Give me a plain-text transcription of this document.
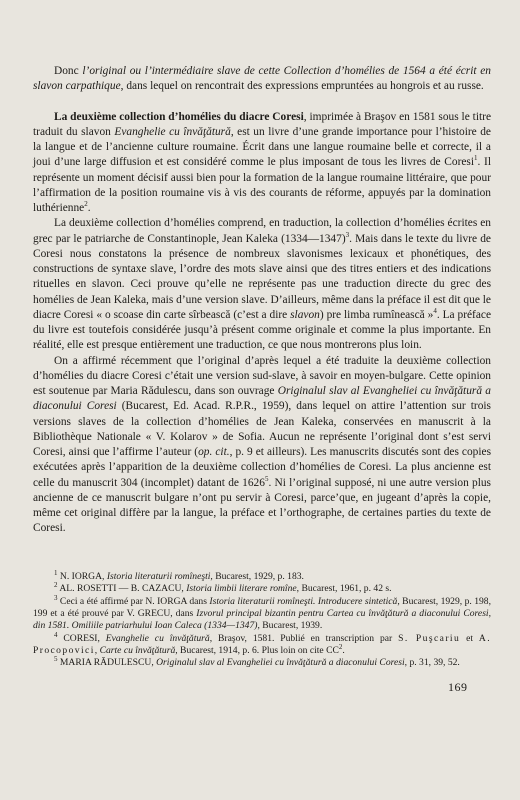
Donc l’original ou l’intermédiaire slave de cette Collection d’homélies de 1564 a été écrit en slavon carpathique, dans lequel on rencontrait des expressions empruntées au hongrois et au russe.

La deuxième collection d’homélies du diacre Coresi, imprimée à Braşov en 1581 sous le titre traduit du slavon Evanghelie cu învăţătură, est un livre d’une grande importance pour l’histoire de la langue et de l’ancienne culture roumaine. Écrit dans une langue roumaine belle et correcte, il a joui d’une large diffusion et est considéré comme le plus imposant de tous les livres de Coresi$^1$. Il représente un moment décisif aussi bien pour la formation de la langue roumaine littéraire, que pour l’affirmation de la position roumaine vis à vis des courants de réforme, appuyés par la domination luthérienne$^2$.

La deuxième collection d’homélies comprend, en traduction, la collection d’homélies écrites en grec par le patriarche de Constantinople, Jean Kaleka (1334—1347)$^3$. Mais dans le texte du livre de Coresi nous constatons la présence de nombreux slavonismes lexicaux et phonétiques, des constructions de syntaxe slave, l’ordre des mots slave ainsi que des titres entiers et des indications rituelles en slavon. Ceci prouve qu’elle ne représente pas une traduction directe du grec des homélies de Jean Kaleka, mais d’une version slave. D’ailleurs, même dans la préface il est dit que le diacre Coresi « o scoase din carte sîrbească (c’est a dire slavon) pre limba rumînească »$^4$. La préface du livre est toutefois considérée jusqu’à présent comme originale et comme la plus importante. En réalité, elle est presque entièrement une traduction, ce que nous montrerons plus loin.

On a affirmé récemment que l’original d’après lequel a été traduite la deuxième collection d’homélies du diacre Coresi c’était une version sud-slave, à savoir en moyen-bulgare. Cette opinion est soutenue par Maria Rădulescu, dans son ouvrage Originalul slav al Evangheliei cu învăţătură a diaconului Coresi (Bucarest, Ed. Acad. R.P.R., 1959), dans lequel on attire l’attention sur trois versions slaves de la collection d’homélies de Jean Kaleka, conservées en manuscrit à la Bibliothèque Nationale « V. Kolarov » de Sofia. Aucun ne représente l’original dont s’est servi Coresi, ainsi que l’affirme l’auteur (op. cit., p. 9 et ailleurs). Les manuscrits discutés sont des copies exécutées après l’apparition de la deuxième collection d’homélies de Coresi. La plus ancienne est celle du manuscrit 304 (incomplet) datant de 1626$^5$. Ni l’original supposé, ni une autre version plus ancienne de ce manuscrit bulgare n’ont pu servir à Coresi, parce’que, en jugeant d’après la copie, même cet original diffère par la langue, la préface et l’orthographe, de certaines parties du texte de Coresi.

$^1$ N. IORGA, Istoria literaturii romîneşti, Bucarest, 1929, p. 183.

$^2$ AL. ROSETTI — B. CAZACU, Istoria limbii literare romîne, Bucarest, 1961, p. 42 s.

$^3$ Ceci a été affirmé par N. IORGA dans Istoria literaturii romîneşti. Introducere sintetică, Bucarest, 1929, p. 198, 199 et a été prouvé par V. GRECU, dans Izvorul principal bizantin pentru Cartea cu învăţătură a diaconului Coresi, din 1581. Omiliile patriarhului Ioan Caleca (1334—1347), Bucarest, 1939.

$^4$ CORESI, Evanghelie cu învăţătură, Braşov, 1581. Publié en transcription par S. Puşcariu et A. Procopovici, Carte cu învăţătură, Bucarest, 1914, p. 6. Plus loin on cite $CC^2$.

$^5$ MARIA RĂDULESCU, Originalul slav al Evangheliei cu învăţătură a diaconului Coresi, p. 31, 39, 52.

169
